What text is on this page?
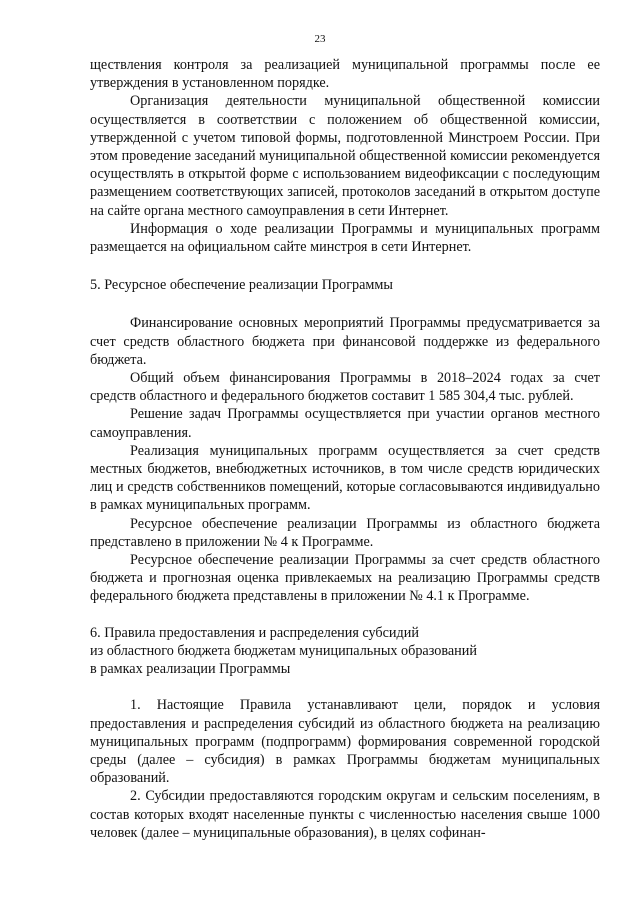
23

ществления контроля за реализацией муниципальной программы после ее утверждения в установленном порядке.

Организация деятельности муниципальной общественной комиссии осуществляется в соответствии с положением об общественной комиссии, утвержденной с учетом типовой формы, подготовленной Минстроем России. При этом проведение заседаний муниципальной общественной комиссии рекомендуется осуществлять в открытой форме с использованием видеофиксации с последующим размещением соответствующих записей, протоколов заседаний в открытом доступе на сайте органа местного самоуправления в сети Интернет.

Информация о ходе реализации Программы и муниципальных программ размещается на официальном сайте минстроя в сети Интернет.

5. Ресурсное обеспечение реализации Программы

Финансирование основных мероприятий Программы предусматривается за счет средств областного бюджета при финансовой поддержке из федерального бюджета.

Общий объем финансирования Программы в 2018–2024 годах за счет средств областного и федерального бюджетов составит 1 585 304,4 тыс. рублей.

Решение задач Программы осуществляется при участии органов местного самоуправления.

Реализация муниципальных программ осуществляется за счет средств местных бюджетов, внебюджетных источников, в том числе средств юридических лиц и средств собственников помещений, которые согласовываются индивидуально в рамках муниципальных программ.

Ресурсное обеспечение реализации Программы из областного бюджета представлено в приложении № 4 к Программе.

Ресурсное обеспечение реализации Программы за счет средств областного бюджета и прогнозная оценка привлекаемых на реализацию Программы средств федерального бюджета представлены в приложении № 4.1 к Программе.

6. Правила предоставления и распределения субсидий

из областного бюджета бюджетам муниципальных образований

в рамках реализации Программы

1. Настоящие Правила устанавливают цели, порядок и условия предоставления и распределения субсидий из областного бюджета на реализацию муниципальных программ (подпрограмм) формирования современной городской среды (далее – субсидия) в рамках Программы бюджетам муниципальных образований.

2. Субсидии предоставляются городским округам и сельским поселениям, в состав которых входят населенные пункты с численностью населения свыше 1000 человек (далее – муниципальные образования), в целях софинан-
